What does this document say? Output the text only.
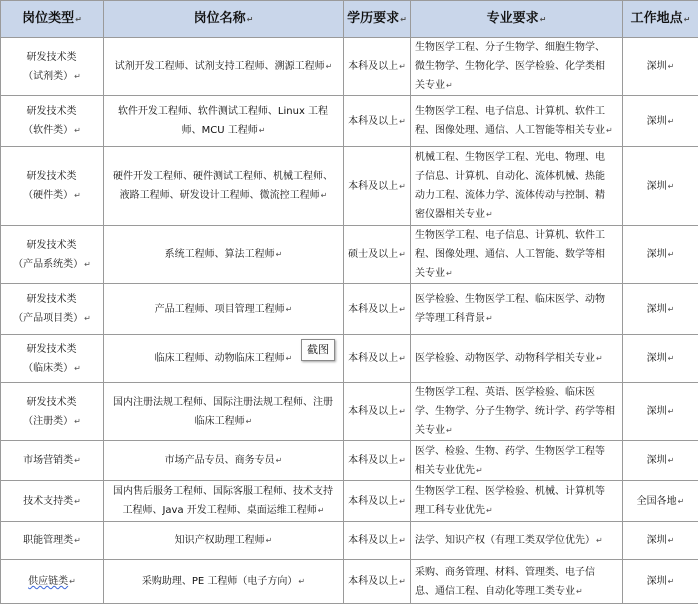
岗位类型↵	岗位名称↵	学历要求↵	专业要求↵	工作地点↵
研发技术类
（试剂类）↵	试剂开发工程师、试剂支持工程师、溯源工程师↵	本科及以上↵	生物医学工程、分子生物学、细胞生物学、
微生物学、生物化学、医学检验、化学类相
关专业↵	深圳↵
研发技术类
（软件类）↵	软件开发工程师、软件测试工程师、Linux 工程
师、MCU 工程师↵	本科及以上↵	生物医学工程、电子信息、计算机、软件工
程、图像处理、通信、人工智能等相关专业↵	深圳↵
研发技术类
（硬件类）↵	硬件开发工程师、硬件测试工程师、机械工程师、
液路工程师、研发设计工程师、微流控工程师↵	本科及以上↵	机械工程、生物医学工程、光电、物理、电
子信息、计算机、自动化、流体机械、热能
动力工程、流体力学、流体传动与控制、精
密仪器相关专业↵	深圳↵
研发技术类
（产品系统类）↵	系统工程师、算法工程师↵	硕士及以上↵	生物医学工程、电子信息、计算机、软件工
程、图像处理、通信、人工智能、数学等相
关专业↵	深圳↵
研发技术类
（产品项目类）↵	产品工程师、项目管理工程师↵	本科及以上↵	医学检验、生物医学工程、临床医学、动物
学等理工科背景↵	深圳↵
研发技术类
（临床类）↵	临床工程师、动物临床工程师↵	本科及以上↵	医学检验、动物医学、动物科学相关专业↵	深圳↵
研发技术类
（注册类）↵	国内注册法规工程师、国际注册法规工程师、注册
临床工程师↵	本科及以上↵	生物医学工程、英语、医学检验、临床医
学、生物学、分子生物学、统计学、药学等相关专业↵	深圳↵
市场营销类↵	市场产品专员、商务专员↵	本科及以上↵	医学、检验、生物、药学、生物医学工程等
相关专业优先↵	深圳↵
技术支持类↵	国内售后服务工程师、国际客服工程师、技术支持
工程师、Java 开发工程师、桌面运维工程师↵	本科及以上↵	生物医学工程、医学检验、机械、计算机等
理工科专业优先↵	全国各地↵
职能管理类↵	知识产权助理工程师↵	本科及以上↵	法学、知识产权（有理工类双学位优先）↵	深圳↵
供应链类↵	采购助理、PE 工程师（电子方向）↵	本科及以上↵	采购、商务管理、材料、管理类、电子信
息、通信工程、自动化等理工类专业↵	深圳↵
截图
